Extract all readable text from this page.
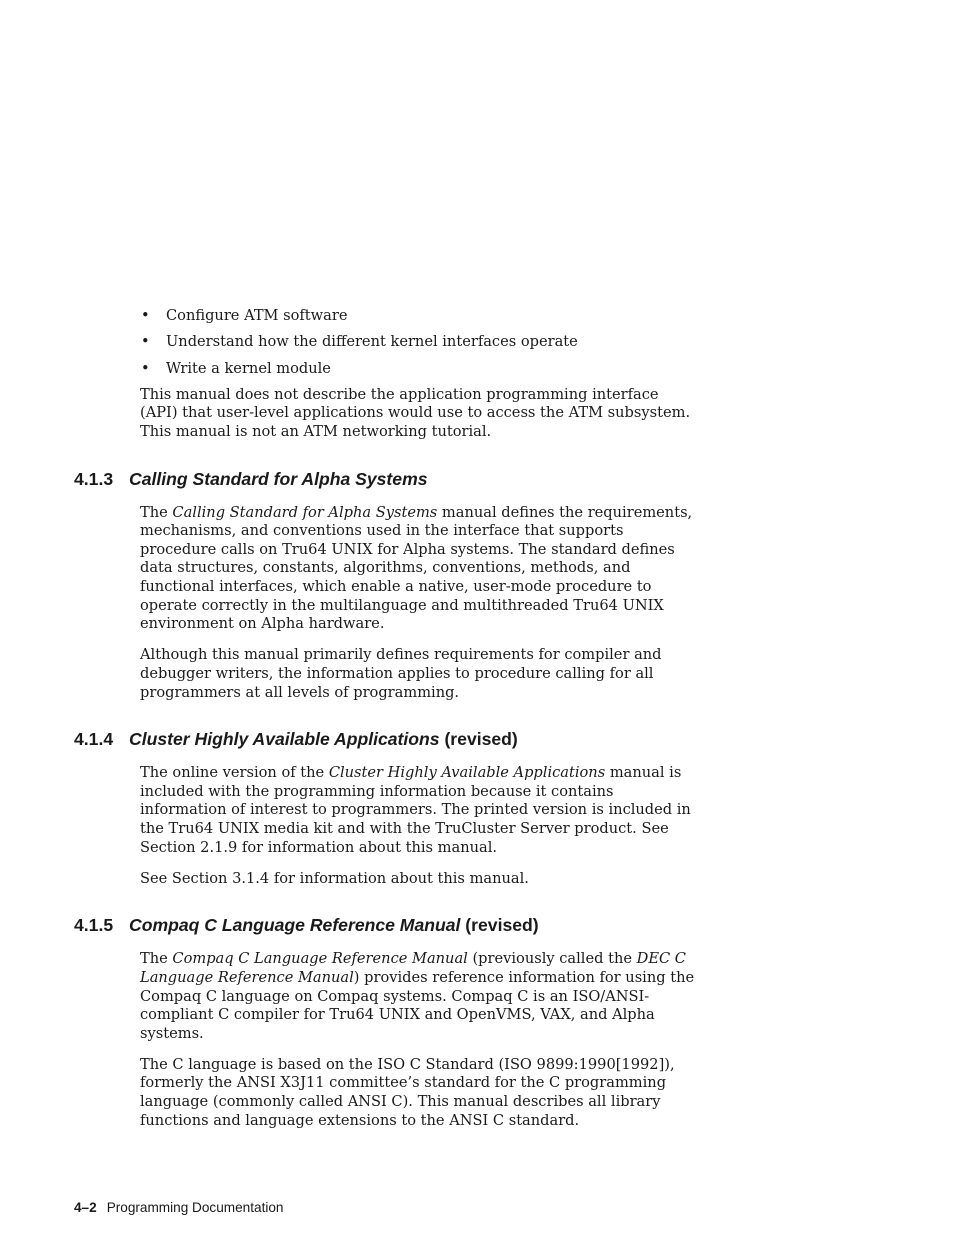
• Configure ATM software
• Understand how the different kernel interfaces operate
• Write a kernel module

This manual does not describe the application programming interface (API) that user-level applications would use to access the ATM subsystem. This manual is not an ATM networking tutorial.

4.1.3 Calling Standard for Alpha Systems

The Calling Standard for Alpha Systems manual defines the requirements, mechanisms, and conventions used in the interface that supports procedure calls on Tru64 UNIX for Alpha systems. The standard defines data structures, constants, algorithms, conventions, methods, and functional interfaces, which enable a native, user-mode procedure to operate correctly in the multilanguage and multithreaded Tru64 UNIX environment on Alpha hardware.

Although this manual primarily defines requirements for compiler and debugger writers, the information applies to procedure calling for all programmers at all levels of programming.

4.1.4 Cluster Highly Available Applications (revised)

The online version of the Cluster Highly Available Applications manual is included with the programming information because it contains information of interest to programmers. The printed version is included in the Tru64 UNIX media kit and with the TruCluster Server product. See Section 2.1.9 for information about this manual.

See Section 3.1.4 for information about this manual.

4.1.5 Compaq C Language Reference Manual (revised)

The Compaq C Language Reference Manual (previously called the DEC C Language Reference Manual) provides reference information for using the Compaq C language on Compaq systems. Compaq C is an ISO/ANSI-compliant C compiler for Tru64 UNIX and OpenVMS, VAX, and Alpha systems.

The C language is based on the ISO C Standard (ISO 9899:1990[1992]), formerly the ANSI X3J11 committee’s standard for the C programming language (commonly called ANSI C). This manual describes all library functions and language extensions to the ANSI C standard.

4–2 Programming Documentation
